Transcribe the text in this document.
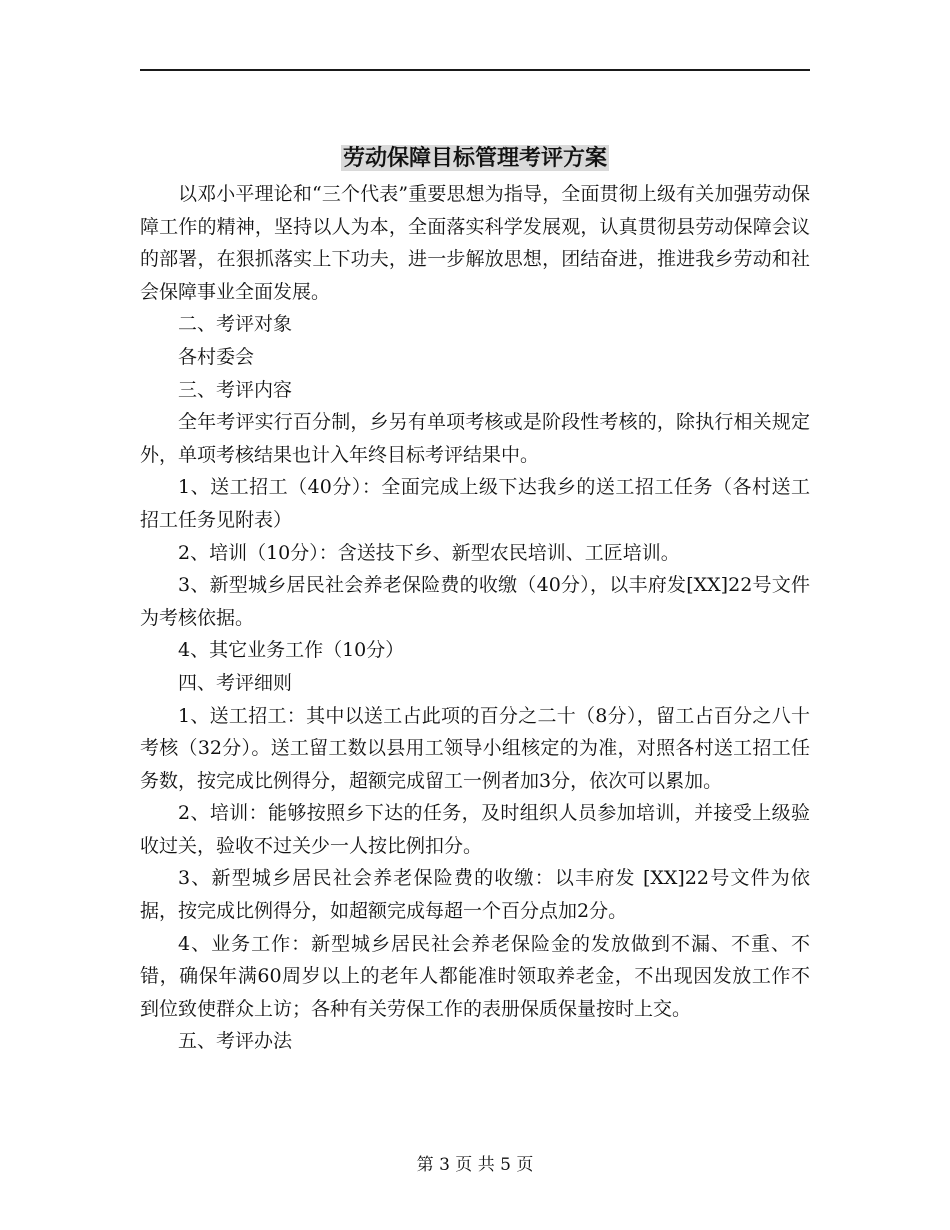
劳动保障目标管理考评方案

以邓小平理论和“三个代表”重要思想为指导，全面贯彻上级有关加强劳动保障工作的精神，坚持以人为本，全面落实科学发展观，认真贯彻县劳动保障会议的部署，在狠抓落实上下功夫，进一步解放思想，团结奋进，推进我乡劳动和社会保障事业全面发展。

二、考评对象

各村委会

三、考评内容

全年考评实行百分制，乡另有单项考核或是阶段性考核的，除执行相关规定外，单项考核结果也计入年终目标考评结果中。

1、送工招工（40分）：全面完成上级下达我乡的送工招工任务（各村送工招工任务见附表）

2、培训（10分）：含送技下乡、新型农民培训、工匠培训。

3、新型城乡居民社会养老保险费的收缴（40分），以丰府发[XX]22号文件为考核依据。

4、其它业务工作（10分）

四、考评细则

1、送工招工：其中以送工占此项的百分之二十（8分），留工占百分之八十考核（32分）。送工留工数以县用工领导小组核定的为准，对照各村送工招工任务数，按完成比例得分，超额完成留工一例者加3分，依次可以累加。

2、培训：能够按照乡下达的任务，及时组织人员参加培训，并接受上级验收过关，验收不过关少一人按比例扣分。

3、新型城乡居民社会养老保险费的收缴：以丰府发 [XX]22号文件为依据，按完成比例得分，如超额完成每超一个百分点加2分。

4、业务工作：新型城乡居民社会养老保险金的发放做到不漏、不重、不错，确保年满60周岁以上的老年人都能准时领取养老金，不出现因发放工作不到位致使群众上访；各种有关劳保工作的表册保质保量按时上交。

五、考评办法

第 3 页 共 5 页
